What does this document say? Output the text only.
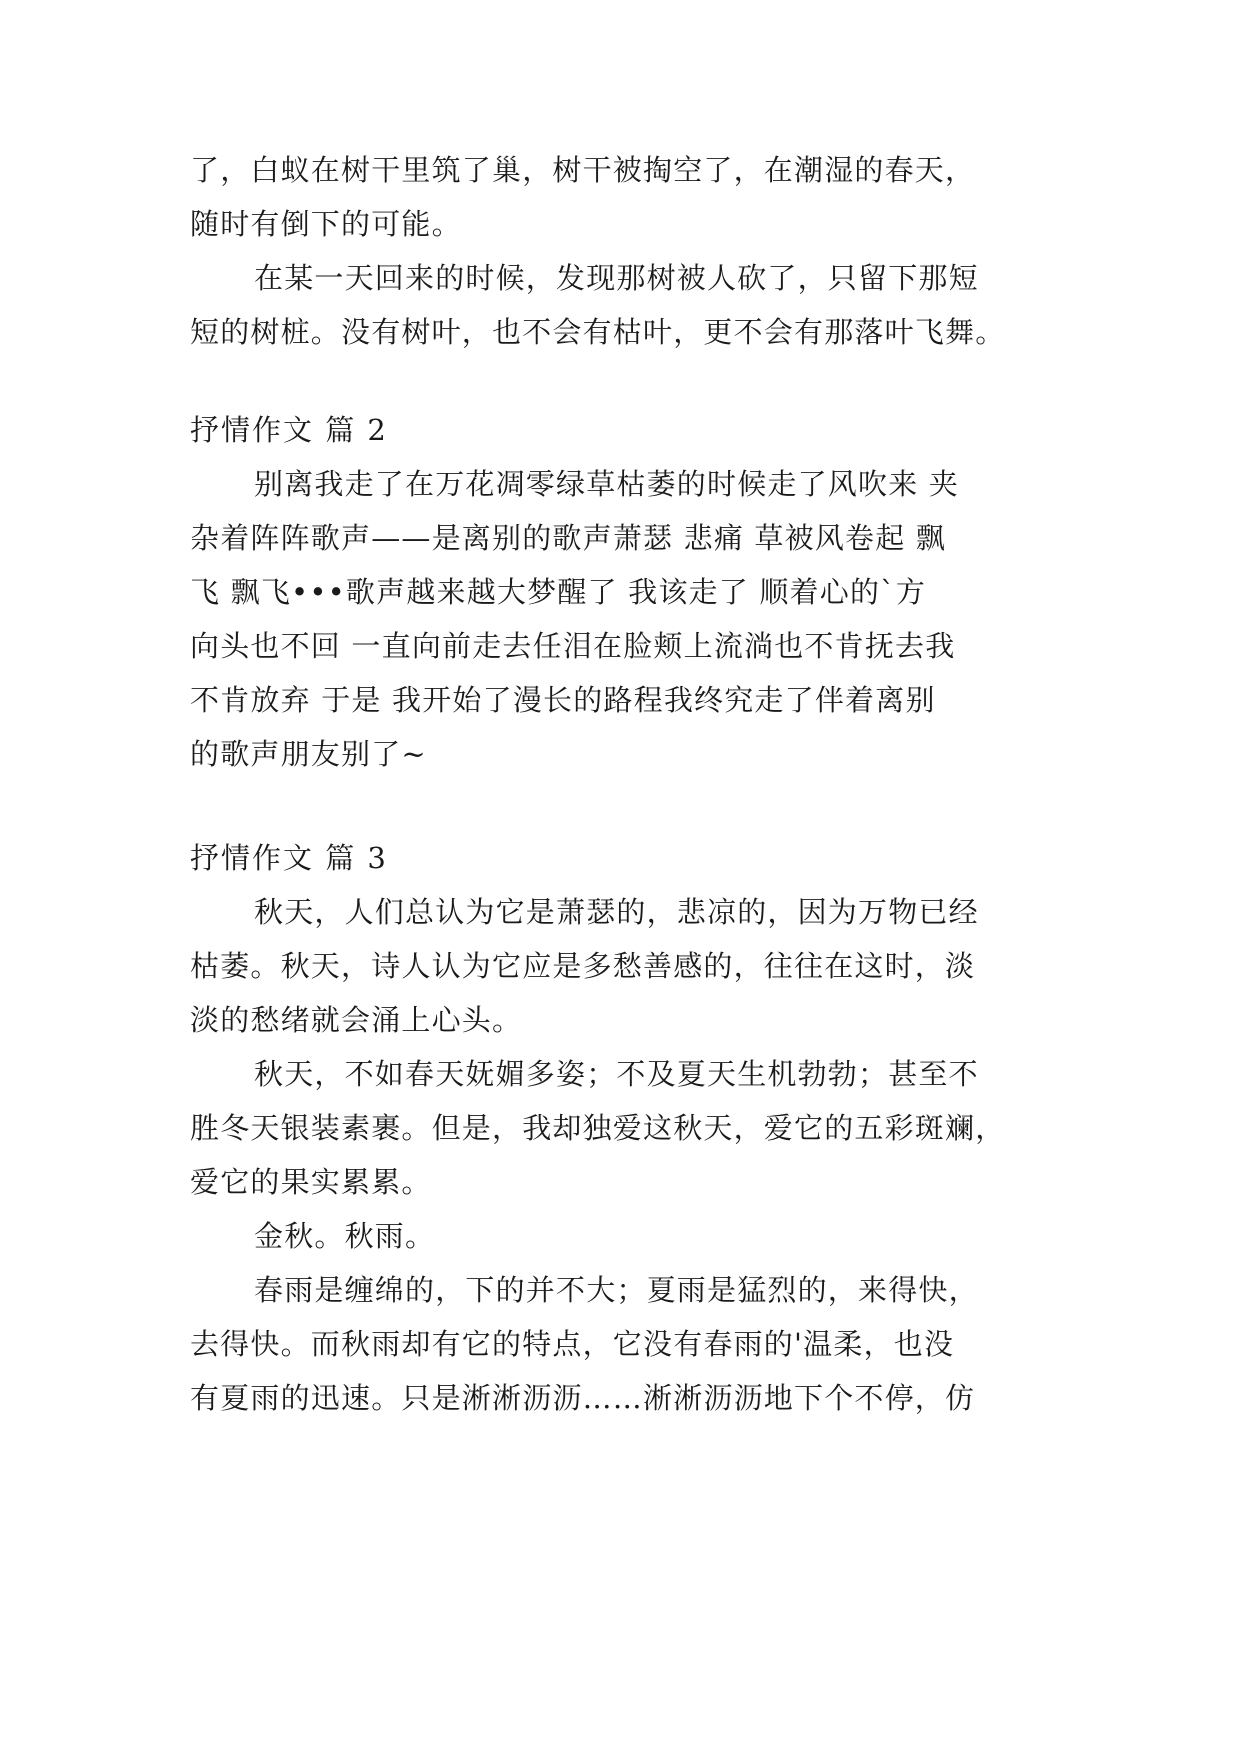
了，白蚁在树干里筑了巢，树干被掏空了，在潮湿的春天，
随时有倒下的可能。
在某一天回来的时候，发现那树被人砍了，只留下那短
短的树桩。没有树叶，也不会有枯叶，更不会有那落叶飞舞。
抒情作文 篇 2
别离我走了在万花凋零绿草枯萎的时候走了风吹来 夹
杂着阵阵歌声——是离别的歌声萧瑟 悲痛 草被风卷起 飘
飞 飘飞•••歌声越来越大梦醒了 我该走了 顺着心的`方
向头也不回 一直向前走去任泪在脸颊上流淌也不肯抚去我
不肯放弃 于是 我开始了漫长的路程我终究走了伴着离别
的歌声朋友别了~
抒情作文 篇 3
秋天，人们总认为它是萧瑟的，悲凉的，因为万物已经
枯萎。秋天，诗人认为它应是多愁善感的，往往在这时，淡
淡的愁绪就会涌上心头。
秋天，不如春天妩媚多姿；不及夏天生机勃勃；甚至不
胜冬天银装素裹。但是，我却独爱这秋天，爱它的五彩斑斓，
爱它的果实累累。
金秋。秋雨。
春雨是缠绵的，下的并不大；夏雨是猛烈的，来得快，
去得快。而秋雨却有它的特点，它没有春雨的'温柔，也没
有夏雨的迅速。只是淅淅沥沥……淅淅沥沥地下个不停，仿
